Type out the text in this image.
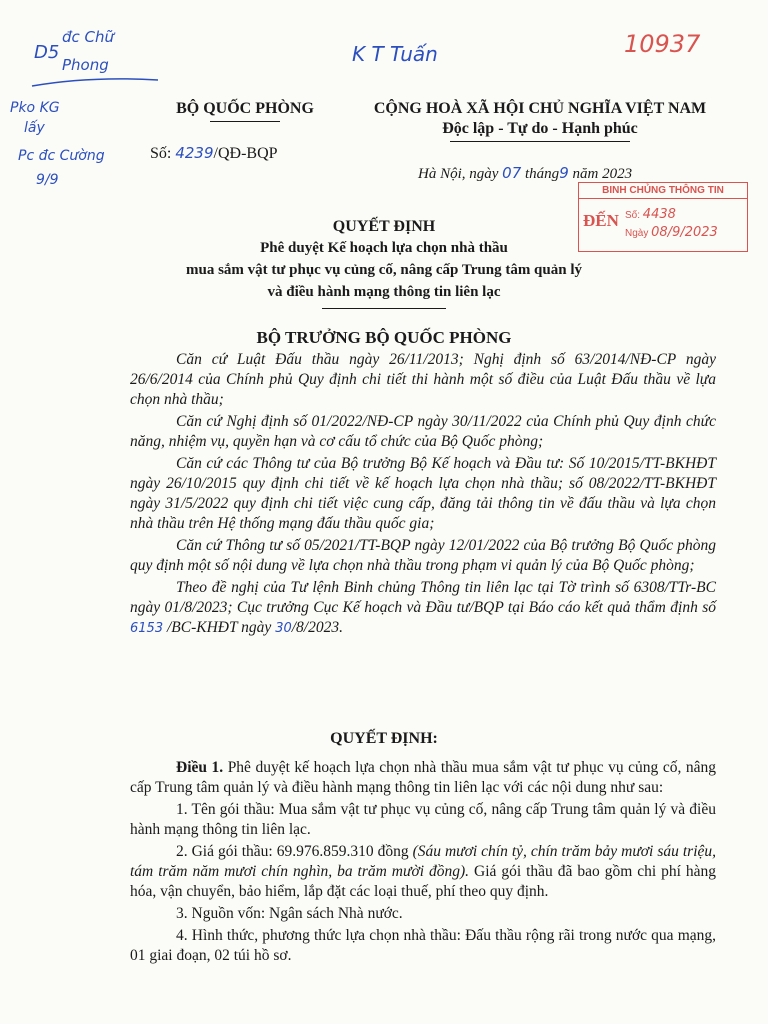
D5
đc Chữ
Phong
Pko KG
lấy
Pc đc Cường
9/9
K T Tuấn	10937
BỘ QUỐC PHÒNG
Số: 4239/QĐ-BQP
CỘNG HOÀ XÃ HỘI CHỦ NGHĨA VIỆT NAM
Độc lập - Tự do - Hạnh phúc
Hà Nội, ngày 07 tháng9 năm 2023
BINH CHỦNG THÔNG TIN
ĐẾN Số: 4438
Ngày 08/9/2023
QUYẾT ĐỊNH
Phê duyệt Kế hoạch lựa chọn nhà thầu
mua sắm vật tư phục vụ củng cố, nâng cấp Trung tâm quản lý
và điều hành mạng thông tin liên lạc
BỘ TRƯỞNG BỘ QUỐC PHÒNG

Căn cứ Luật Đấu thầu ngày 26/11/2013; Nghị định số 63/2014/NĐ-CP ngày 26/6/2014 của Chính phủ Quy định chi tiết thi hành một số điều của Luật Đấu thầu về lựa chọn nhà thầu;

Căn cứ Nghị định số 01/2022/NĐ-CP ngày 30/11/2022 của Chính phủ Quy định chức năng, nhiệm vụ, quyền hạn và cơ cấu tổ chức của Bộ Quốc phòng;

Căn cứ các Thông tư của Bộ trưởng Bộ Kế hoạch và Đầu tư: Số 10/2015/TT-BKHĐT ngày 26/10/2015 quy định chi tiết về kế hoạch lựa chọn nhà thầu; số 08/2022/TT-BKHĐT ngày 31/5/2022 quy định chi tiết việc cung cấp, đăng tải thông tin về đấu thầu và lựa chọn nhà thầu trên Hệ thống mạng đấu thầu quốc gia;

Căn cứ Thông tư số 05/2021/TT-BQP ngày 12/01/2022 của Bộ trưởng Bộ Quốc phòng quy định một số nội dung về lựa chọn nhà thầu trong phạm vi quản lý của Bộ Quốc phòng;

Theo đề nghị của Tư lệnh Binh chủng Thông tin liên lạc tại Tờ trình số 6308/TTr-BC ngày 01/8/2023; Cục trưởng Cục Kế hoạch và Đầu tư/BQP tại Báo cáo kết quả thẩm định số 6153 /BC-KHĐT ngày 30/8/2023.

QUYẾT ĐỊNH:

Điều 1. Phê duyệt kế hoạch lựa chọn nhà thầu mua sắm vật tư phục vụ củng cố, nâng cấp Trung tâm quản lý và điều hành mạng thông tin liên lạc với các nội dung như sau:

1. Tên gói thầu: Mua sắm vật tư phục vụ củng cố, nâng cấp Trung tâm quản lý và điều hành mạng thông tin liên lạc.

2. Giá gói thầu: 69.976.859.310 đồng (Sáu mươi chín tỷ, chín trăm bảy mươi sáu triệu, tám trăm năm mươi chín nghìn, ba trăm mười đồng). Giá gói thầu đã bao gồm chi phí hàng hóa, vận chuyển, bảo hiểm, lắp đặt các loại thuế, phí theo quy định.

3. Nguồn vốn: Ngân sách Nhà nước.

4. Hình thức, phương thức lựa chọn nhà thầu: Đấu thầu rộng rãi trong nước qua mạng, 01 giai đoạn, 02 túi hồ sơ.
